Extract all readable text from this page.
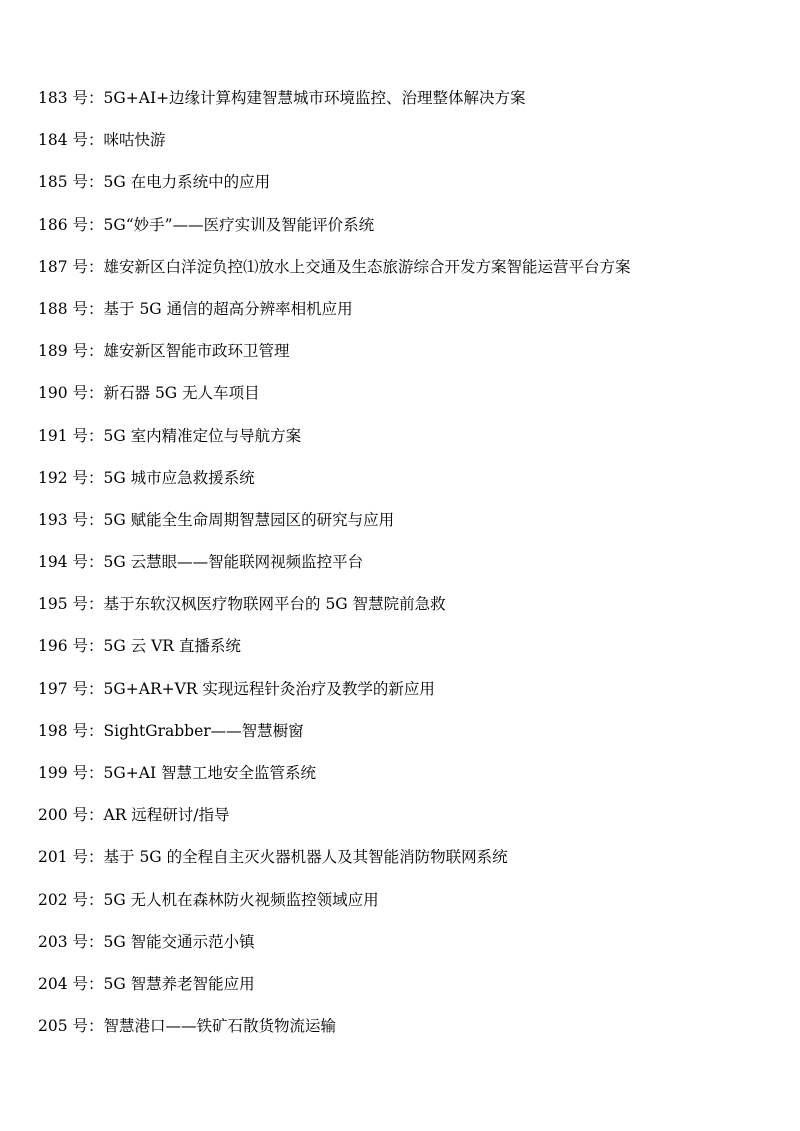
183 号：5G+AI+边缘计算构建智慧城市环境监控、治理整体解决方案
184 号：咪咕快游
185 号：5G 在电力系统中的应用
186 号：5G“妙手”——医疗实训及智能评价系统
187 号：雄安新区白洋淀负控⑴放水上交通及生态旅游综合开发方案智能运营平台方案
188 号：基于 5G 通信的超高分辨率相机应用
189 号：雄安新区智能市政环卫管理
190 号：新石器 5G 无人车项目
191 号：5G 室内精准定位与导航方案
192 号：5G 城市应急救援系统
193 号：5G 赋能全生命周期智慧园区的研究与应用
194 号：5G 云慧眼——智能联网视频监控平台
195 号：基于东软汉枫医疗物联网平台的 5G 智慧院前急救
196 号：5G 云 VR 直播系统
197 号：5G+AR+VR 实现远程针灸治疗及教学的新应用
198 号：SightGrabber——智慧橱窗
199 号：5G+AI 智慧工地安全监管系统
200 号：AR 远程研讨/指导
201 号：基于 5G 的全程自主灭火器机器人及其智能消防物联网系统
202 号：5G 无人机在森林防火视频监控领域应用
203 号：5G 智能交通示范小镇
204 号：5G 智慧养老智能应用
205 号：智慧港口——铁矿石散货物流运输
